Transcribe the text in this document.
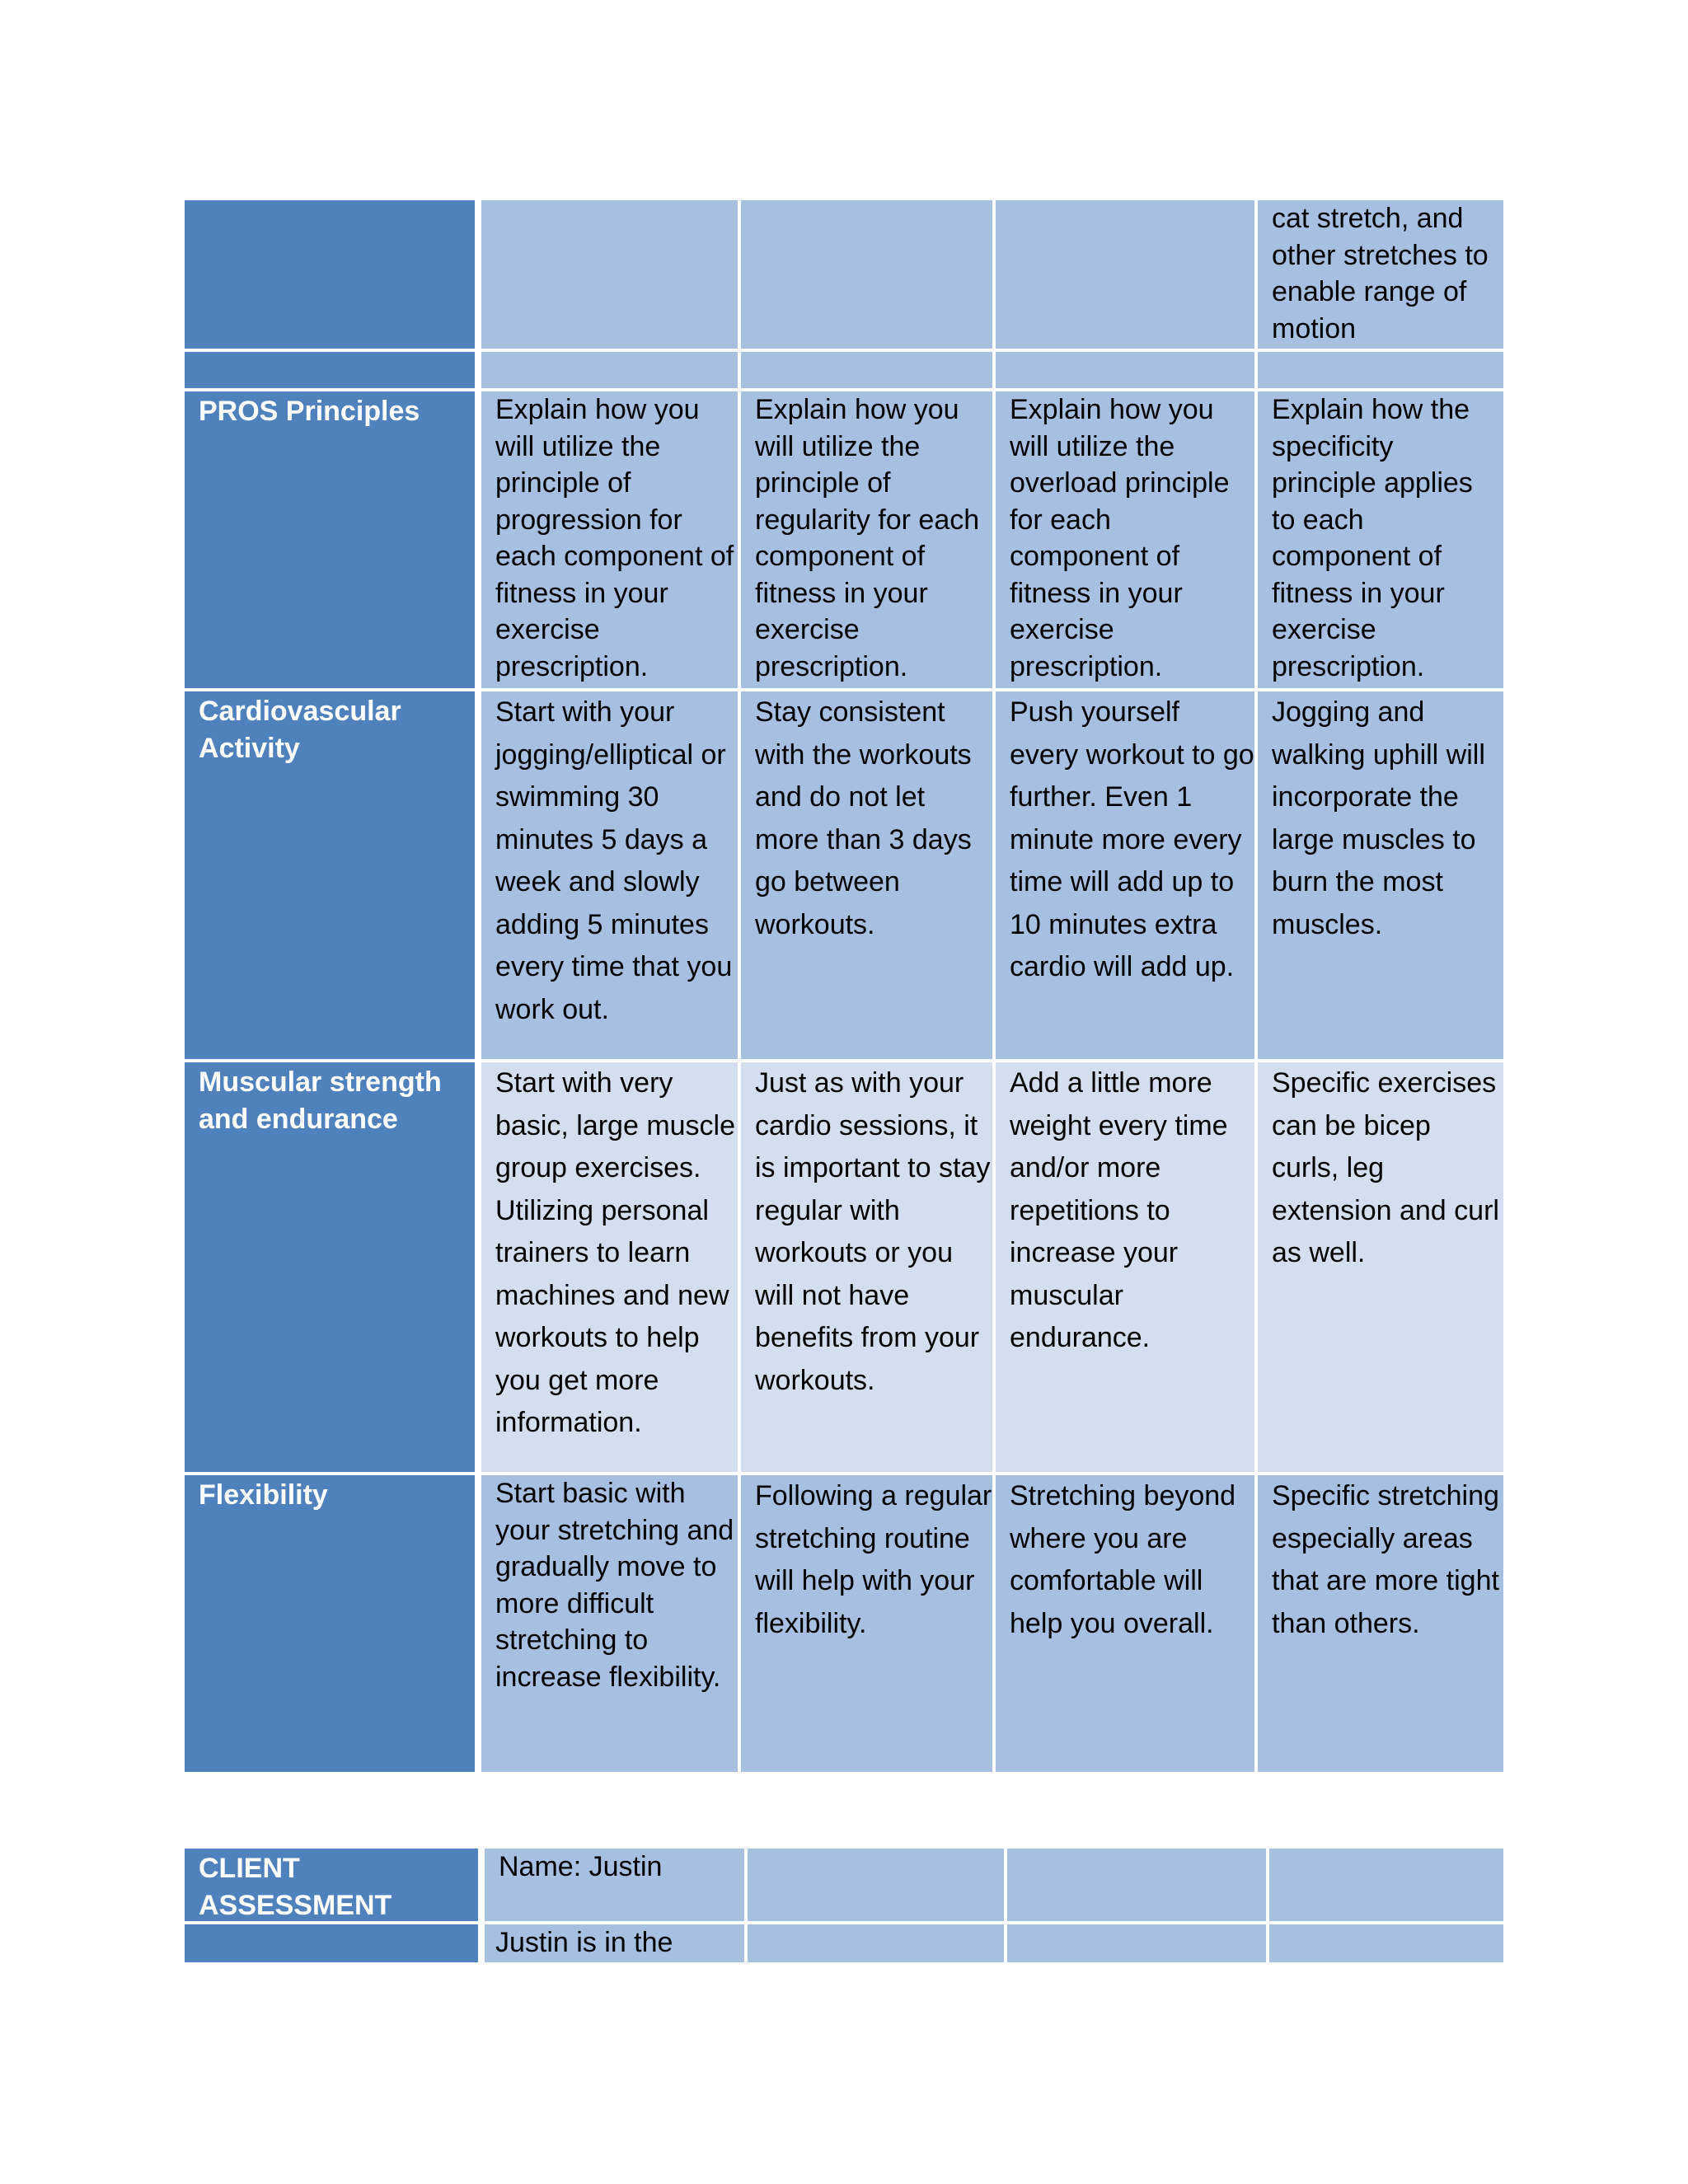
cat stretch, and other stretches to enable range of motion
PROS Principles	Explain how you will utilize the principle of progression for each component of fitness in your exercise prescription.
Explain how you will utilize the principle of regularity for each component of fitness in your exercise prescription.
Explain how you will utilize the overload principle for each component of fitness in your exercise prescription.
Explain how the specificity principle applies to each component of fitness in your exercise prescription.
Cardiovascular Activity
Start with your jogging/elliptical or swimming 30 minutes 5 days a week and slowly adding 5 minutes every time that you work out.
Stay consistent with the workouts and do not let more than 3 days go between workouts.
Push yourself every workout to go further. Even 1 minute more every time will add up to 10 minutes extra cardio will add up.
Jogging and walking uphill will incorporate the large muscles to burn the most muscles.
Muscular strength and endurance
Start with very basic, large muscle group exercises. Utilizing personal trainers to learn machines and new workouts to help you get more information.
Just as with your cardio sessions, it is important to stay regular with workouts or you will not have benefits from your workouts.
Add a little more weight every time and/or more repetitions to increase your muscular endurance.
Specific exercises can be bicep curls, leg extension and curl as well.
Flexibility	Start basic with your stretching and gradually move to more difficult stretching to increase flexibility.
Following a regular stretching routine will help with your flexibility.
Stretching beyond where you are comfortable will help you overall.
Specific stretching especially areas that are more tight than others.
CLIENT ASSESSMENT
Name: Justin
Justin is in the
